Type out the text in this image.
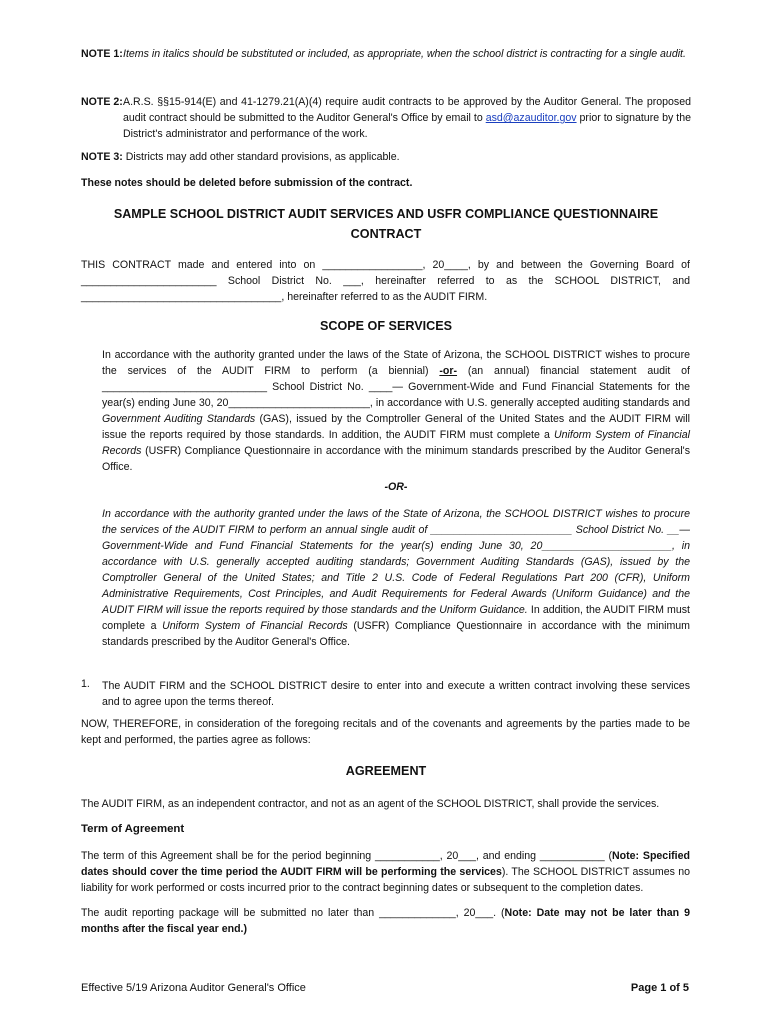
NOTE 1: Items in italics should be substituted or included, as appropriate, when the school district is contracting for a single audit.
NOTE 2: A.R.S. §§15-914(E) and 41-1279.21(A)(4) require audit contracts to be approved by the Auditor General. The proposed audit contract should be submitted to the Auditor General's Office by email to asd@azauditor.gov prior to signature by the District's administrator and performance of the work.
NOTE 3: Districts may add other standard provisions, as applicable.
These notes should be deleted before submission of the contract.
SAMPLE SCHOOL DISTRICT AUDIT SERVICES AND USFR COMPLIANCE QUESTIONNAIRE
CONTRACT
THIS CONTRACT made and entered into on _________________, 20____, by and between the Governing Board of _______________________ School District No. ___, hereinafter referred to as the SCHOOL DISTRICT, and __________________________________, hereinafter referred to as the AUDIT FIRM.
SCOPE OF SERVICES
In accordance with the authority granted under the laws of the State of Arizona, the SCHOOL DISTRICT wishes to procure the services of the AUDIT FIRM to perform (a biennial) -or- (an annual) financial statement audit of ____________________________ School District No. ____— Government-Wide and Fund Financial Statements for the year(s) ending June 30, 20________________________, in accordance with U.S. generally accepted auditing standards and Government Auditing Standards (GAS), issued by the Comptroller General of the United States and the AUDIT FIRM will issue the reports required by those standards. In addition, the AUDIT FIRM must complete a Uniform System of Financial Records (USFR) Compliance Questionnaire in accordance with the minimum standards prescribed by the Auditor General's Office.
-OR-
In accordance with the authority granted under the laws of the State of Arizona, the SCHOOL DISTRICT wishes to procure the services of the AUDIT FIRM to perform an annual single audit of ________________________ School District No. __— Government-Wide and Fund Financial Statements for the year(s) ending June 30, 20______________________, in accordance with U.S. generally accepted auditing standards; Government Auditing Standards (GAS), issued by the Comptroller General of the United States; and Title 2 U.S. Code of Federal Regulations Part 200 (CFR), Uniform Administrative Requirements, Cost Principles, and Audit Requirements for Federal Awards (Uniform Guidance) and the AUDIT FIRM will issue the reports required by those standards and the Uniform Guidance. In addition, the AUDIT FIRM must complete a Uniform System of Financial Records (USFR) Compliance Questionnaire in accordance with the minimum standards prescribed by the Auditor General's Office.
1. The AUDIT FIRM and the SCHOOL DISTRICT desire to enter into and execute a written contract involving these services and to agree upon the terms thereof.
NOW, THEREFORE, in consideration of the foregoing recitals and of the covenants and agreements by the parties made to be kept and performed, the parties agree as follows:
AGREEMENT
The AUDIT FIRM, as an independent contractor, and not as an agent of the SCHOOL DISTRICT, shall provide the services.
Term of Agreement
The term of this Agreement shall be for the period beginning ___________, 20___, and ending ___________ (Note: Specified dates should cover the time period the AUDIT FIRM will be performing the services). The SCHOOL DISTRICT assumes no liability for work performed or costs incurred prior to the contract beginning dates or subsequent to the completion dates.
The audit reporting package will be submitted no later than _____________, 20___. (Note: Date may not be later than 9 months after the fiscal year end.)
Effective 5/19 Arizona Auditor General's Office	Page 1 of 5
